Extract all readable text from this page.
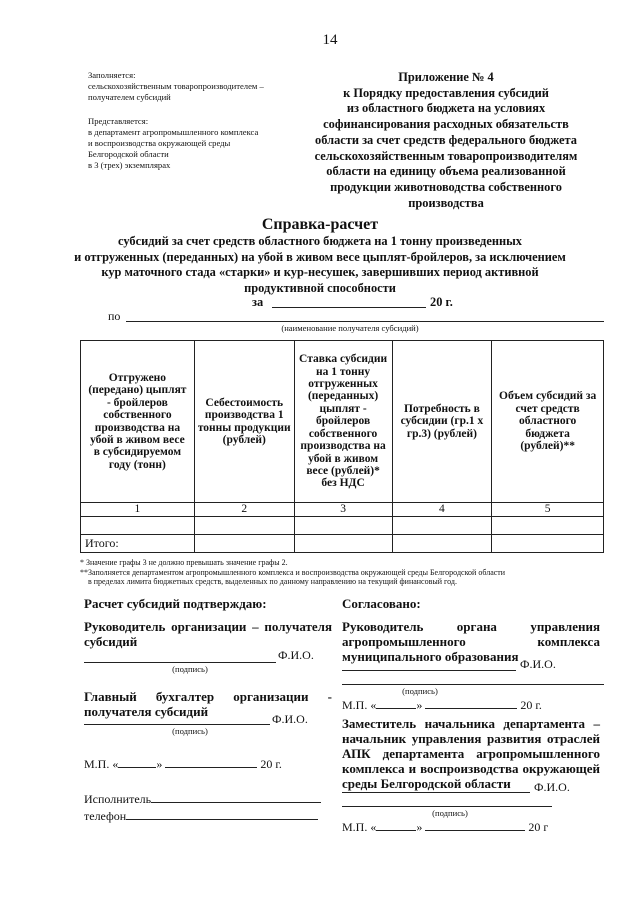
14
Заполняется:
сельскохозяйственным товаропроизводителем –
получателем субсидий
Представляется:
в департамент агропромышленного комплекса
и воспроизводства окружающей среды
Белгородской области
в 3 (трех) экземплярах
Приложение № 4
к Порядку предоставления субсидий
из областного бюджета на условиях
софинансирования расходных обязательств
области за счет средств федерального бюджета
сельскохозяйственным товаропроизводителям
области на единицу объема реализованной
продукции животноводства собственного
производства
Справка-расчет
субсидий за счет средств областного бюджета на 1 тонну произведенных
и отгруженных (переданных) на убой в живом весе цыплят-бройлеров, за исключением
кур маточного стада «старки» и кур-несушек, завершивших период активной
продуктивной способности
за	20 г.
по
(наименование получателя субсидий)
Отгружено (передано) цыплят - бройлеров собственного производства на убой в живом весе в субсидируемом году (тонн)	Себестоимость производства 1 тонны продукции (рублей)	Ставка субсидии на 1 тонну отгруженных (переданных) цыплят - бройлеров собственного производства на убой в живом весе (рублей)* без НДС	Потребность в субсидии (гр.1 х гр.3) (рублей)	Объем субсидий за счет средств областного бюджета (рублей)**
1	2	3	4	5

Итого:				
* Значение графы 3 не должно превышать значение графы 2.
**Заполняется департаментом агропромышленного комплекса и воспроизводства окружающей среды Белгородской области
в пределах лимита бюджетных средств, выделенных по данному направлению на текущий финансовый год.
Расчет субсидий подтверждаю:
Руководитель организации – получателя субсидий
Ф.И.О.
(подпись)
Главный бухгалтер организации - получателя субсидий	Ф.И.О.
(подпись)
М.П. «	»	20 г.
Исполнитель
телефон
Согласовано:
Руководитель органа управления агропромышленного комплекса муниципального образования Ф.И.О.
(подпись)
М.П. «	»	20 г.
Заместитель начальника департамента – начальник управления развития отраслей АПК департамента агропромышленного комплекса и воспроизводства окружающей среды Белгородской области	Ф.И.О.
(подпись)
М.П. «	»	20 г
